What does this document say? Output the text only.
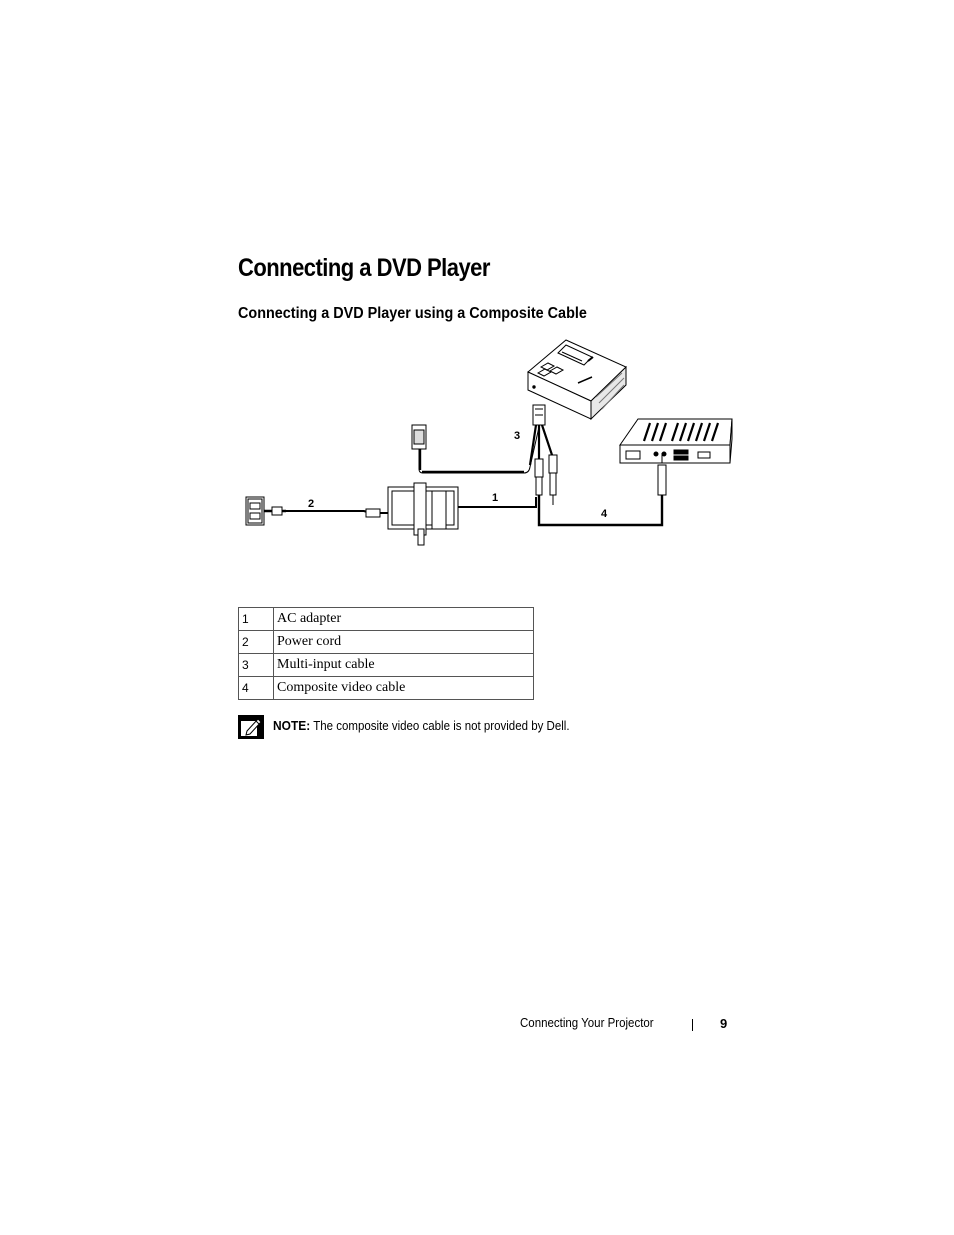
Connecting a DVD Player
Connecting a DVD Player using a Composite Cable
1
2
3
4
1	AC adapter
2	Power cord
3	Multi-input cable
4	Composite video cable
NOTE: The composite video cable is not provided by Dell.
Connecting Your Projector	9
